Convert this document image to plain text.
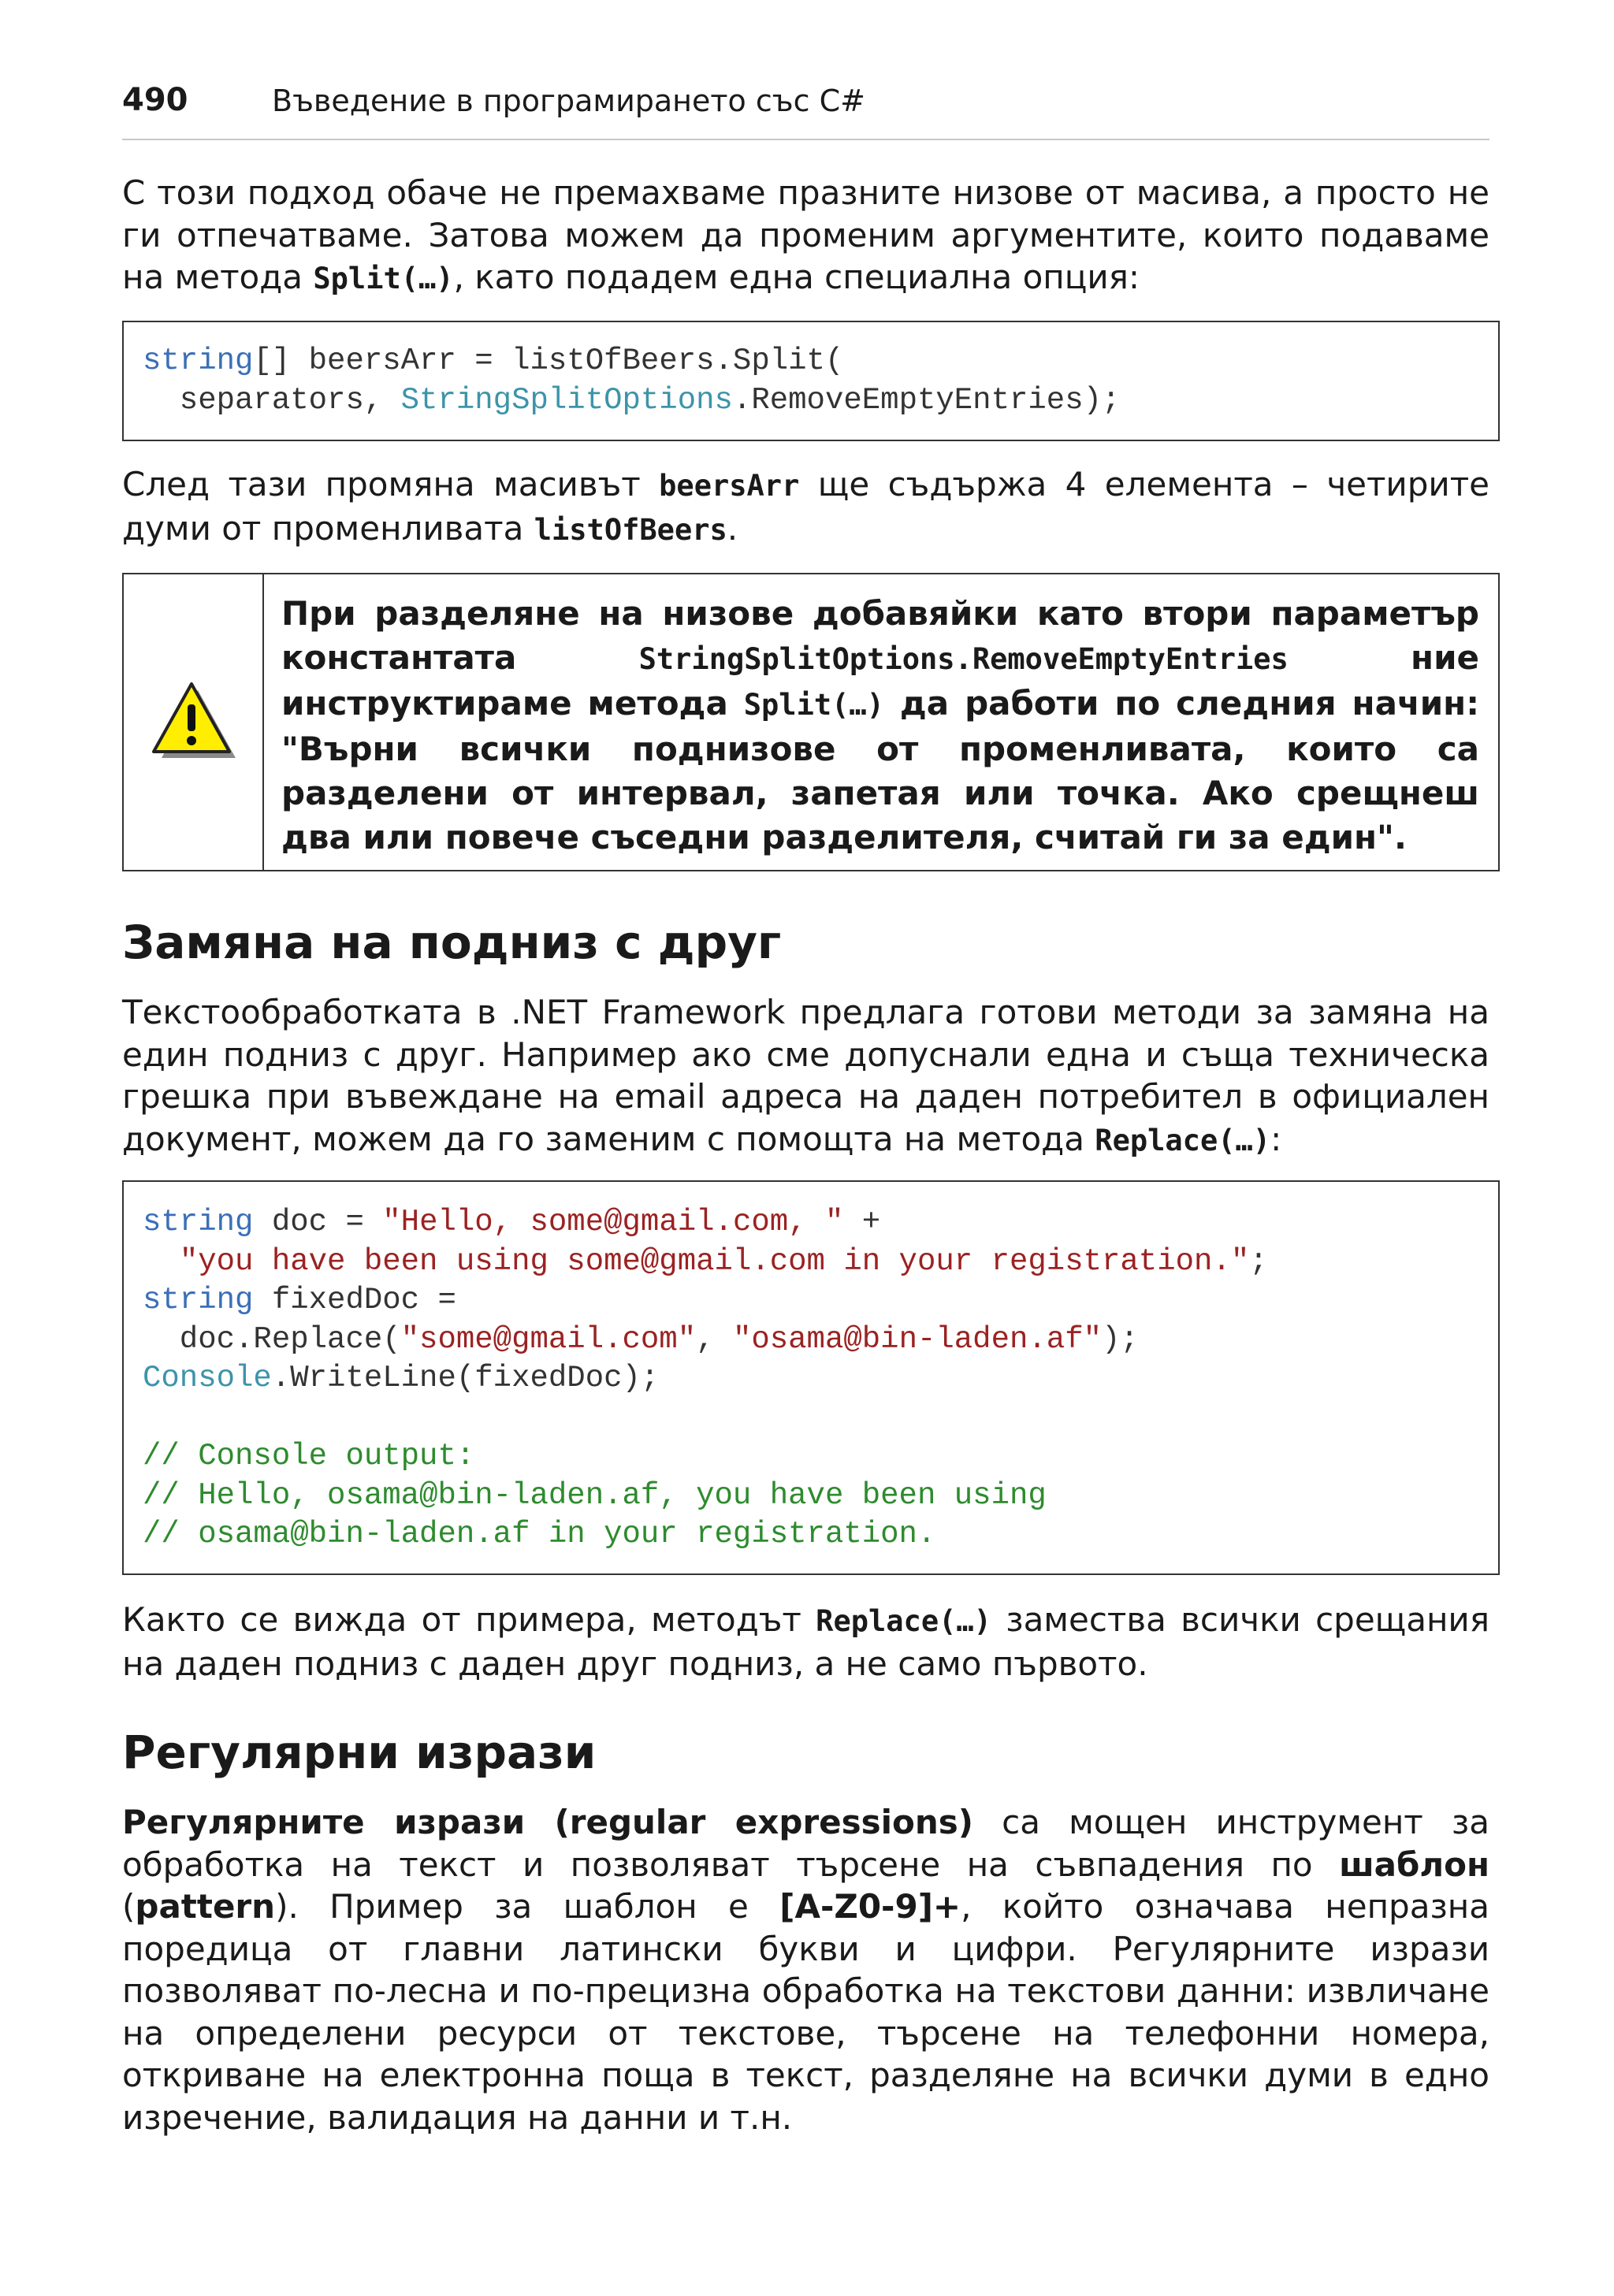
490	Въведение в програмирането със C#

С този подход обаче не премахваме празните низове от масива, а просто не ги отпечатваме. Затова можем да променим аргументите, които подаваме на метода Split(…), като подадем една специална опция:

string[] beersArr = listOfBeers.Split(
separators, StringSplitOptions.RemoveEmptyEntries);

След тази промяна масивът beersArr ще съдържа 4 елемента – четирите думи от променливата listOfBeers.

При разделяне на низове добавяйки като втори параметър константата StringSplitOptions.RemoveEmptyEntries ние инструктираме метода Split(…) да работи по следния начин: "Върни всички поднизове от променливата, които са разделени от интервал, запетая или точка. Ако срещнеш два или повече съседни разделителя, считай ги за един".

Замяна на подниз с друг

Текстообработката в .NET Framework предлага готови методи за замяна на един подниз с друг. Например ако сме допуснали една и съща техническа грешка при въвеждане на email адреса на даден потребител в официален документ, можем да го заменим с помощта на метода Replace(…):

string doc = "Hello, some@gmail.com, " +
"you have been using some@gmail.com in your registration.";
string fixedDoc =
doc.Replace("some@gmail.com", "osama@bin-laden.af");
Console.WriteLine(fixedDoc);
// Console output:
// Hello, osama@bin-laden.af, you have been using
// osama@bin-laden.af in your registration.

Както се вижда от примера, методът Replace(…) замества всички срещания на даден подниз с даден друг подниз, а не само първото.

Регулярни изрази

Регулярните изрази (regular expressions) са мощен инструмент за обработка на текст и позволяват търсене на съвпадения по шаблон (pattern). Пример за шаблон е [A-Z0-9]+, който означава непразна поредица от главни латински букви и цифри. Регулярните изрази позволяват по-лесна и по-прецизна обработка на текстови данни: извличане на определени ресурси от текстове, търсене на телефонни номера, откриване на електронна поща в текст, разделяне на всички думи в едно изречение, валидация на данни и т.н.
